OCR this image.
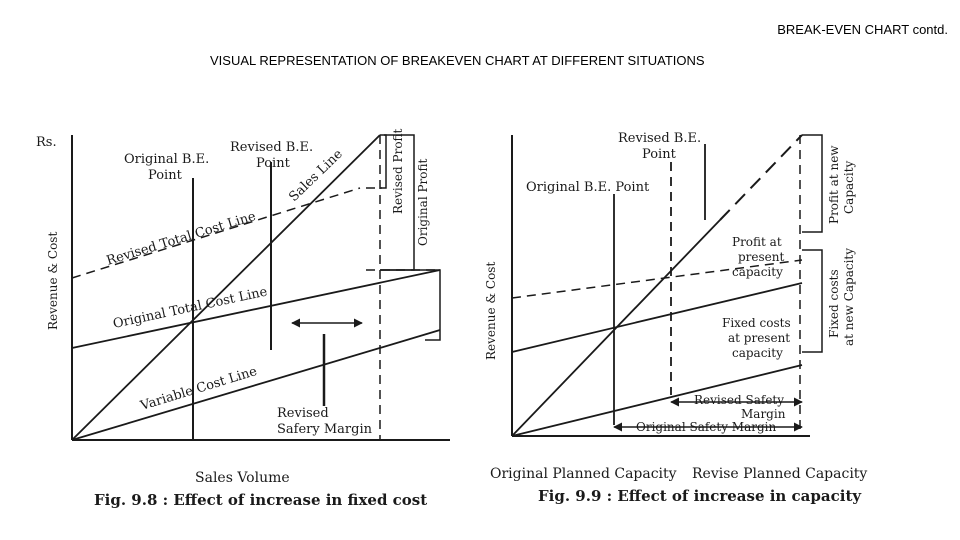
BREAK-EVEN CHART contd.
VISUAL REPRESENTATION OF BREAKEVEN CHART AT DIFFERENT SITUATIONS
Rs.
Revenue & Cost
Original B.E.
Point
Revised B.E.
Point
Sales Line
Revised Total Cost Line
Original Total Cost Line
Variable Cost Line Revised
Safery Margin
Revised Profit Original Profit
Sales Volume
Fig. 9.8 : Effect of increase in fixed cost
Revenue & Cost
Revised B.E.
Point
Original B.E. Point
Profit at
present
capacity
Fixed costs
at present
capacity
Revised Safety
Margin
Original Safety Margin
Profit at new Capacity
Fixed costs at new Capacity
Original Planned Capacity Revise Planned Capacity
Fig. 9.9 : Effect of increase in capacity
